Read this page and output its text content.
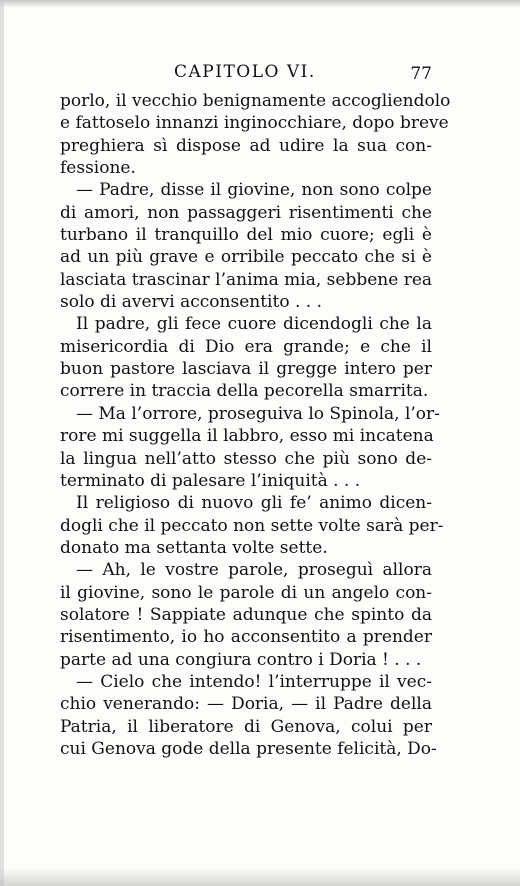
CAPITOLO VI.	77
porlo, il vecchio benignamente accogliendolo
e fattoselo innanzi inginocchiare, dopo breve
preghiera sì dispose ad udire la sua con-
fessione.
— Padre, disse il giovine, non sono colpe
di amori, non passaggeri risentimenti che
turbano il tranquillo del mio cuore; egli è
ad un più grave e orribile peccato che si è
lasciata trascinar l’anima mia, sebbene rea
solo di avervi acconsentito . . .
Il padre, gli fece cuore dicendogli che la
misericordia di Dio era grande; e che il
buon pastore lasciava il gregge intero per
correre in traccia della pecorella smarrita.
— Ma l’orrore, proseguiva lo Spinola, l’or-
rore mi suggella il labbro, esso mi incatena
la lingua nell’atto stesso che più sono de-
terminato di palesare l’iniquità . . .
Il religioso di nuovo gli fe’ animo dicen-
dogli che il peccato non sette volte sarà per-
donato ma settanta volte sette.
— Ah, le vostre parole, proseguì allora
il giovine, sono le parole di un angelo con-
solatore ! Sappiate adunque che spinto da
risentimento, io ho acconsentito a prender
parte ad una congiura contro i Doria ! . . .
— Cielo che intendo! l’interruppe il vec-
chio venerando: — Doria, — il Padre della
Patria, il liberatore di Genova, colui per
cui Genova gode della presente felicità, Do-
